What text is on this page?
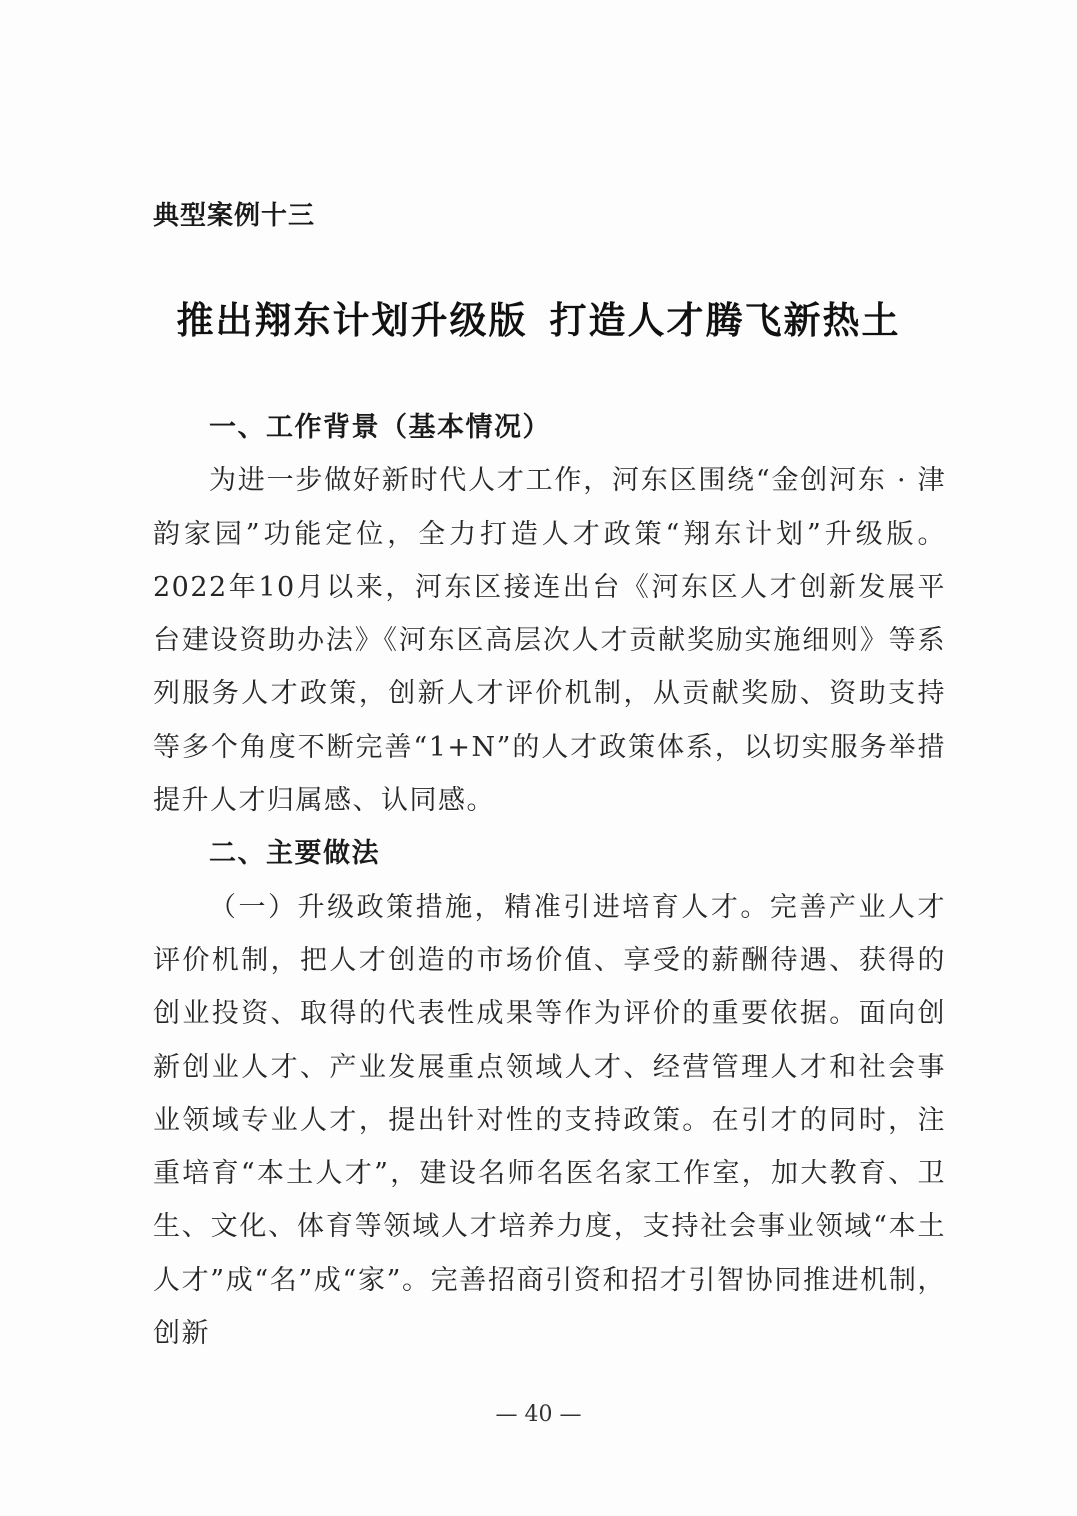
典型案例十三
推出翔东计划升级版 打造人才腾飞新热土
一、工作背景（基本情况）

为进一步做好新时代人才工作，河东区围绕“金创河东 · 津韵家园”功能定位，全力打造人才政策“翔东计划”升级版。2022年10月以来，河东区接连出台《河东区人才创新发展平台建设资助办法》《河东区高层次人才贡献奖励实施细则》等系列服务人才政策，创新人才评价机制，从贡献奖励、资助支持等多个角度不断完善“1+N”的人才政策体系，以切实服务举措提升人才归属感、认同感。

二、主要做法

（一）升级政策措施，精准引进培育人才。完善产业人才评价机制，把人才创造的市场价值、享受的薪酬待遇、获得的创业投资、取得的代表性成果等作为评价的重要依据。面向创新创业人才、产业发展重点领域人才、经营管理人才和社会事业领域专业人才，提出针对性的支持政策。在引才的同时，注重培育“本土人才”，建设名师名医名家工作室，加大教育、卫生、文化、体育等领域人才培养力度，支持社会事业领域“本土人才”成“名”成“家”。完善招商引资和招才引智协同推进机制，创新

— 40 —
